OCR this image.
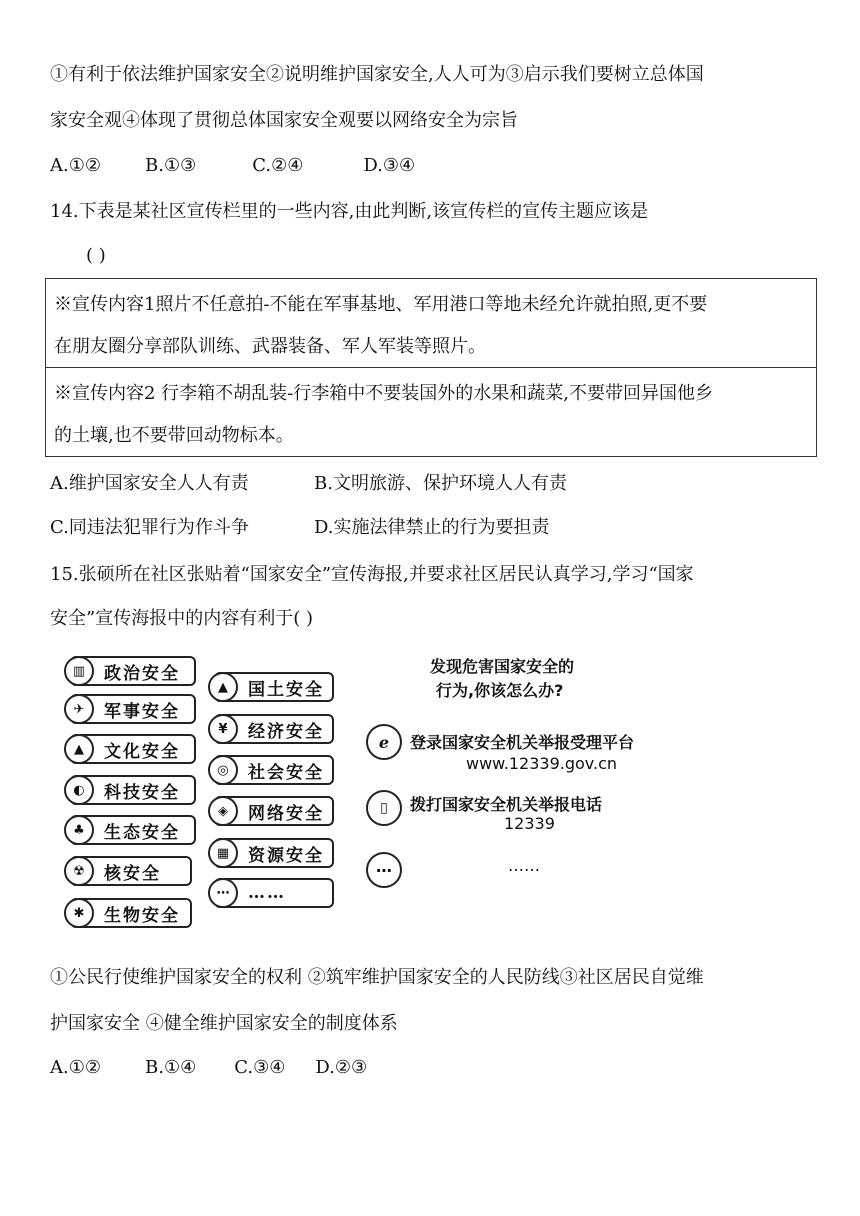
①有利于依法维护国家安全②说明维护国家安全,人人可为③启示我们要树立总体国
家安全观④体现了贯彻总体国家安全观要以网络安全为宗旨
A.①② B.①③	C.②④	D.③④
14.下表是某社区宣传栏里的一些内容,由此判断,该宣传栏的宣传主题应该是
( )
※宣传内容1照片不任意拍-不能在军事基地、军用港口等地未经允许就拍照,更不要
在朋友圈分享部队训练、武器装备、军人军装等照片。
※宣传内容2 行李箱不胡乱装-行李箱中不要装国外的水果和蔬菜,不要带回异国他乡
的土壤,也不要带回动物标本。
A.维护国家安全人人有责	B.文明旅游、保护环境人人有责
C.同违法犯罪行为作斗争	D.实施法律禁止的行为要担责
15.张硕所在社区张贴着“国家安全”宣传海报,并要求社区居民认真学习,学习“国家
安全”宣传海报中的内容有利于( )
▥	政治安全
✈	军事安全
▲	文化安全
◐	科技安全
♣	生态安全
☢	核安全
✱	生物安全
▲	国土安全
¥	经济安全
◎	社会安全
◈	网络安全
▦	资源安全
⋯	……
发现危害国家安全的
行为,你该怎么办?
e	登录国家安全机关举报受理平台
www.12339.gov.cn
▯	拨打国家安全机关举报电话
12339
⋯	……
①公民行使维护国家安全的权利 ②筑牢维护国家安全的人民防线③社区居民自觉维
护国家安全 ④健全维护国家安全的制度体系
A.①② B.①④ C.③④ D.②③
